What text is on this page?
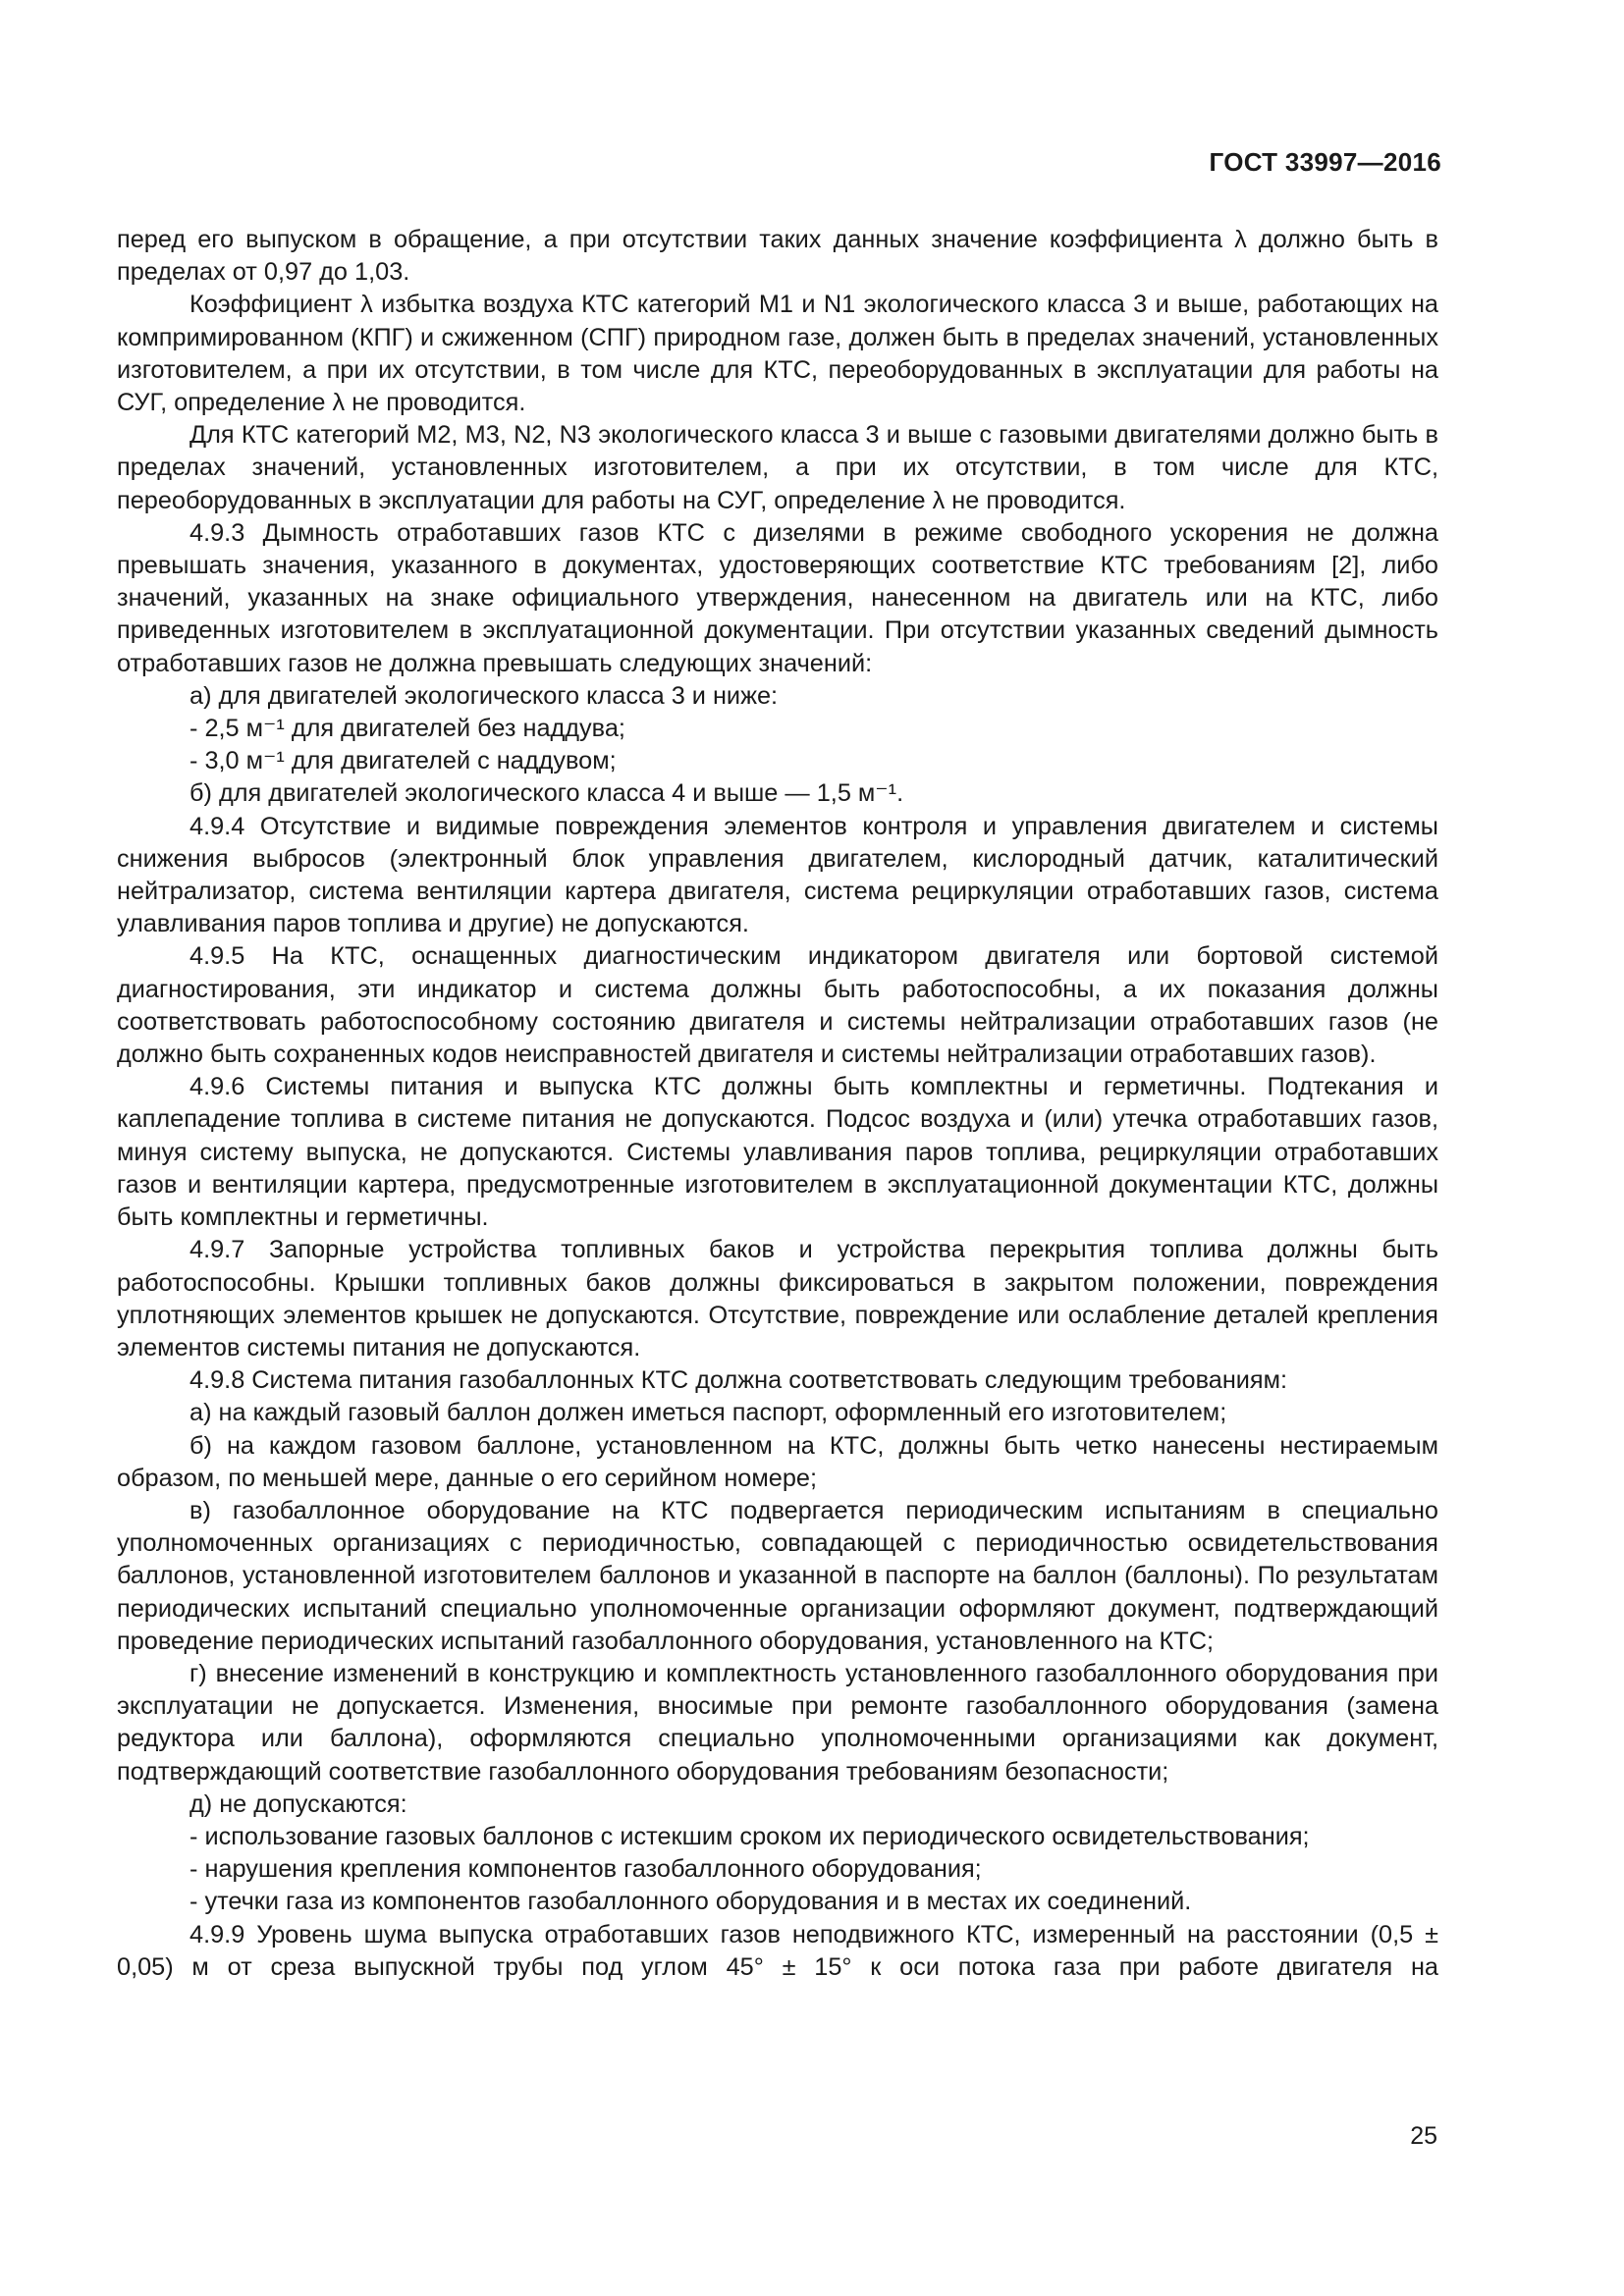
ГОСТ 33997—2016

перед его выпуском в обращение, а при отсутствии таких данных значение коэффициента λ должно быть в пределах от 0,97 до 1,03.

Коэффициент λ избытка воздуха КТС категорий M1 и N1 экологического класса 3 и выше, работающих на компримированном (КПГ) и сжиженном (СПГ) природном газе, должен быть в пределах значений, установленных изготовителем, а при их отсутствии, в том числе для КТС, переоборудованных в эксплуатации для работы на СУГ, определение λ не проводится.

Для КТС категорий М2, М3, N2, N3 экологического класса 3 и выше с газовыми двигателями должно быть в пределах значений, установленных изготовителем, а при их отсутствии, в том числе для КТС, переоборудованных в эксплуатации для работы на СУГ, определение λ не проводится.

4.9.3 Дымность отработавших газов КТС с дизелями в режиме свободного ускорения не должна превышать значения, указанного в документах, удостоверяющих соответствие КТС требованиям [2], либо значений, указанных на знаке официального утверждения, нанесенном на двигатель или на КТС, либо приведенных изготовителем в эксплуатационной документации. При отсутствии указанных сведений дымность отработавших газов не должна превышать следующих значений:

а) для двигателей экологического класса 3 и ниже:

- 2,5 м⁻¹ для двигателей без наддува;

- 3,0 м⁻¹ для двигателей с наддувом;

б) для двигателей экологического класса 4 и выше — 1,5 м⁻¹.

4.9.4 Отсутствие и видимые повреждения элементов контроля и управления двигателем и системы снижения выбросов (электронный блок управления двигателем, кислородный датчик, каталитический нейтрализатор, система вентиляции картера двигателя, система рециркуляции отработавших газов, система улавливания паров топлива и другие) не допускаются.

4.9.5 На КТС, оснащенных диагностическим индикатором двигателя или бортовой системой диагностирования, эти индикатор и система должны быть работоспособны, а их показания должны соответствовать работоспособному состоянию двигателя и системы нейтрализации отработавших газов (не должно быть сохраненных кодов неисправностей двигателя и системы нейтрализации отработавших газов).

4.9.6 Системы питания и выпуска КТС должны быть комплектны и герметичны. Подтекания и каплепадение топлива в системе питания не допускаются. Подсос воздуха и (или) утечка отработавших газов, минуя систему выпуска, не допускаются. Системы улавливания паров топлива, рециркуляции отработавших газов и вентиляции картера, предусмотренные изготовителем в эксплуатационной документации КТС, должны быть комплектны и герметичны.

4.9.7 Запорные устройства топливных баков и устройства перекрытия топлива должны быть работоспособны. Крышки топливных баков должны фиксироваться в закрытом положении, повреждения уплотняющих элементов крышек не допускаются. Отсутствие, повреждение или ослабление деталей крепления элементов системы питания не допускаются.

4.9.8 Система питания газобаллонных КТС должна соответствовать следующим требованиям:

а) на каждый газовый баллон должен иметься паспорт, оформленный его изготовителем;

б) на каждом газовом баллоне, установленном на КТС, должны быть четко нанесены нестираемым образом, по меньшей мере, данные о его серийном номере;

в) газобаллонное оборудование на КТС подвергается периодическим испытаниям в специально уполномоченных организациях с периодичностью, совпадающей с периодичностью освидетельствования баллонов, установленной изготовителем баллонов и указанной в паспорте на баллон (баллоны). По результатам периодических испытаний специально уполномоченные организации оформляют документ, подтверждающий проведение периодических испытаний газобаллонного оборудования, установленного на КТС;

г) внесение изменений в конструкцию и комплектность установленного газобаллонного оборудования при эксплуатации не допускается. Изменения, вносимые при ремонте газобаллонного оборудования (замена редуктора или баллона), оформляются специально уполномоченными организациями как документ, подтверждающий соответствие газобаллонного оборудования требованиям безопасности;

д) не допускаются:

- использование газовых баллонов с истекшим сроком их периодического освидетельствования;

- нарушения крепления компонентов газобаллонного оборудования;

- утечки газа из компонентов газобаллонного оборудования и в местах их соединений.

4.9.9 Уровень шума выпуска отработавших газов неподвижного КТС, измеренный на расстоянии (0,5 ± 0,05) м от среза выпускной трубы под углом 45° ± 15° к оси потока газа при работе двигателя на

25
